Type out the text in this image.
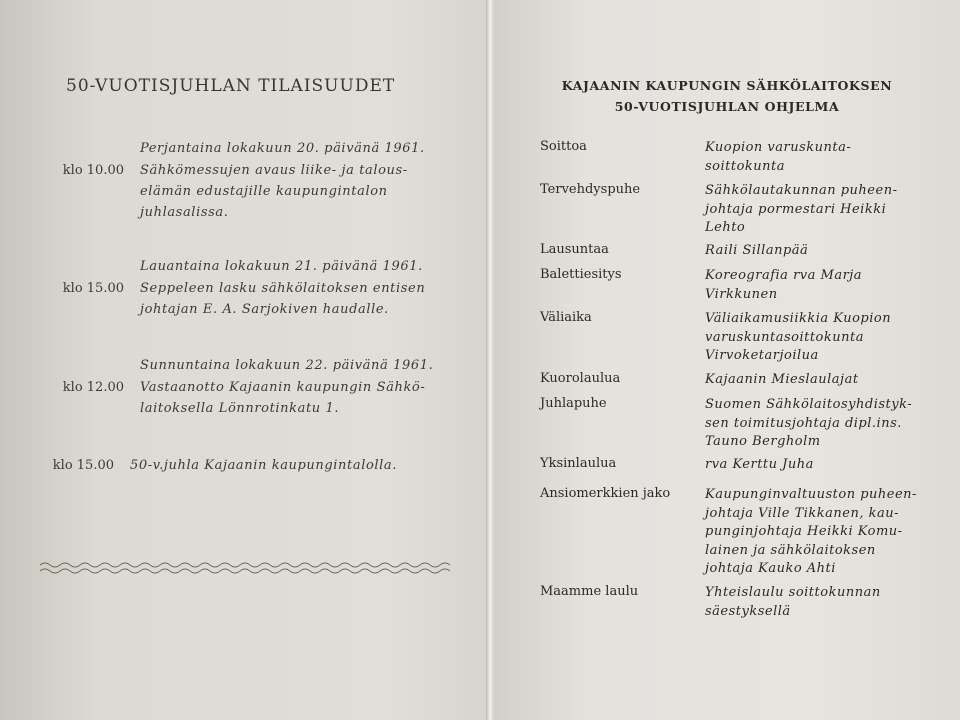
50-VUOTISJUHLAN TILAISUUDET
Perjantaina lokakuun 20. päivänä 1961.
klo 10.00 Sähkömessujen avaus liike- ja talous-
elämän edustajille kaupungintalon
juhlasalissa.
Lauantaina lokakuun 21. päivänä 1961.
klo 15.00 Seppeleen lasku sähkölaitoksen entisen
johtajan E. A. Sarjokiven haudalle.
Sunnuntaina lokakuun 22. päivänä 1961.
klo 12.00 Vastaanotto Kajaanin kaupungin Sähkö-
laitoksella Lönnrotinkatu 1.
klo 15.00 50-v.juhla Kajaanin kaupungintalolla.
KAJAANIN KAUPUNGIN SÄHKÖLAITOKSEN
50-VUOTISJUHLAN OHJELMA
Soittoa	Kuopion varuskunta-
soittokunta
Tervehdyspuhe	Sähkölautakunnan puheen-
johtaja pormestari Heikki
Lehto
Lausuntaa	Raili Sillanpää
Balettiesitys	Koreografia rva Marja
Virkkunen
Väliaika	Väliaikamusiikkia Kuopion
varuskuntasoittokunta
Virvoketarjoilua
Kuorolaulua	Kajaanin Mieslaulajat
Juhlapuhe	Suomen Sähkölaitosyhdistyk-
sen toimitusjohtaja dipl.ins.
Tauno Bergholm
Yksinlaulua	rva Kerttu Juha
Ansiomerkkien jako	Kaupunginvaltuuston puheen-
johtaja Ville Tikkanen, kau-
punginjohtaja Heikki Komu-
lainen ja sähkölaitoksen
johtaja Kauko Ahti
Maamme laulu	Yhteislaulu soittokunnan
säestyksellä
